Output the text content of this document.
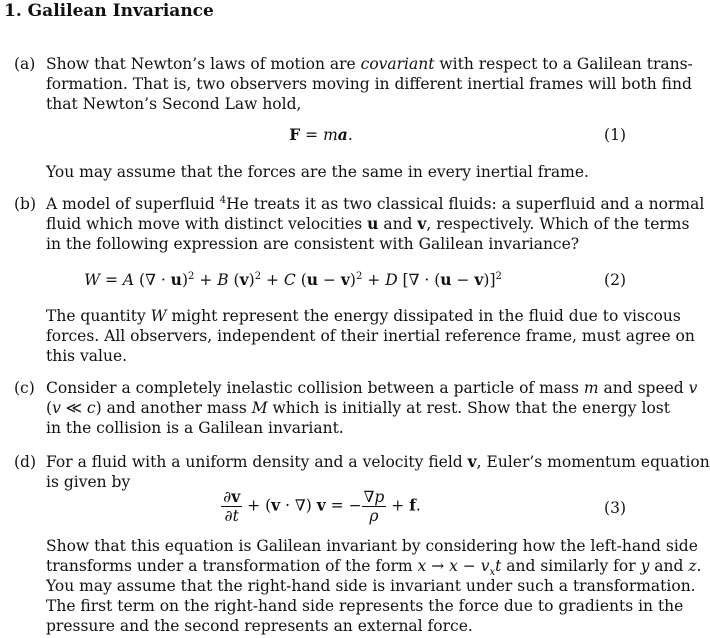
1. Galilean Invariance
(a) Show that Newton’s laws of motion are covariant with respect to a Galilean trans-
formation. That is, two observers moving in different inertial frames will both find
that Newton’s Second Law hold,
F = ma.	(1)
You may assume that the forces are the same in every inertial frame.
(b) A model of superfluid $^4$He treats it as two classical fluids: a superfluid and a normal
fluid which move with distinct velocities u and v, respectively. Which of the terms
in the following expression are consistent with Galilean invariance?
W = A (∇ · u)$^2$ + B $(v)^2 + C$ $(u - v)^2 + D$ [∇ · (u − v)]$^2$	(2)
The quantity W might represent the energy dissipated in the fluid due to viscous
forces. All observers, independent of their inertial reference frame, must agree on
this value.
(c) Consider a completely inelastic collision between a particle of mass m and speed v
(v ≪ c) and another mass M which is initially at rest. Show that the energy lost
in the collision is a Galilean invariant.
(d) For a fluid with a uniform density and a velocity field v, Euler’s momentum equation
is given by
$\frac{\partial v}{\partial t} + (v$ · ∇) v = − $\frac{\nabla p}{\rho} + f$.	(3)
Show that this equation is Galilean invariant by considering how the left-hand side
transforms under a transformation of the form $x \to x - v_xt$ and similarly for y and z.
You may assume that the right-hand side is invariant under such a transformation.
The first term on the right-hand side represents the force due to gradients in the
pressure and the second represents an external force.
